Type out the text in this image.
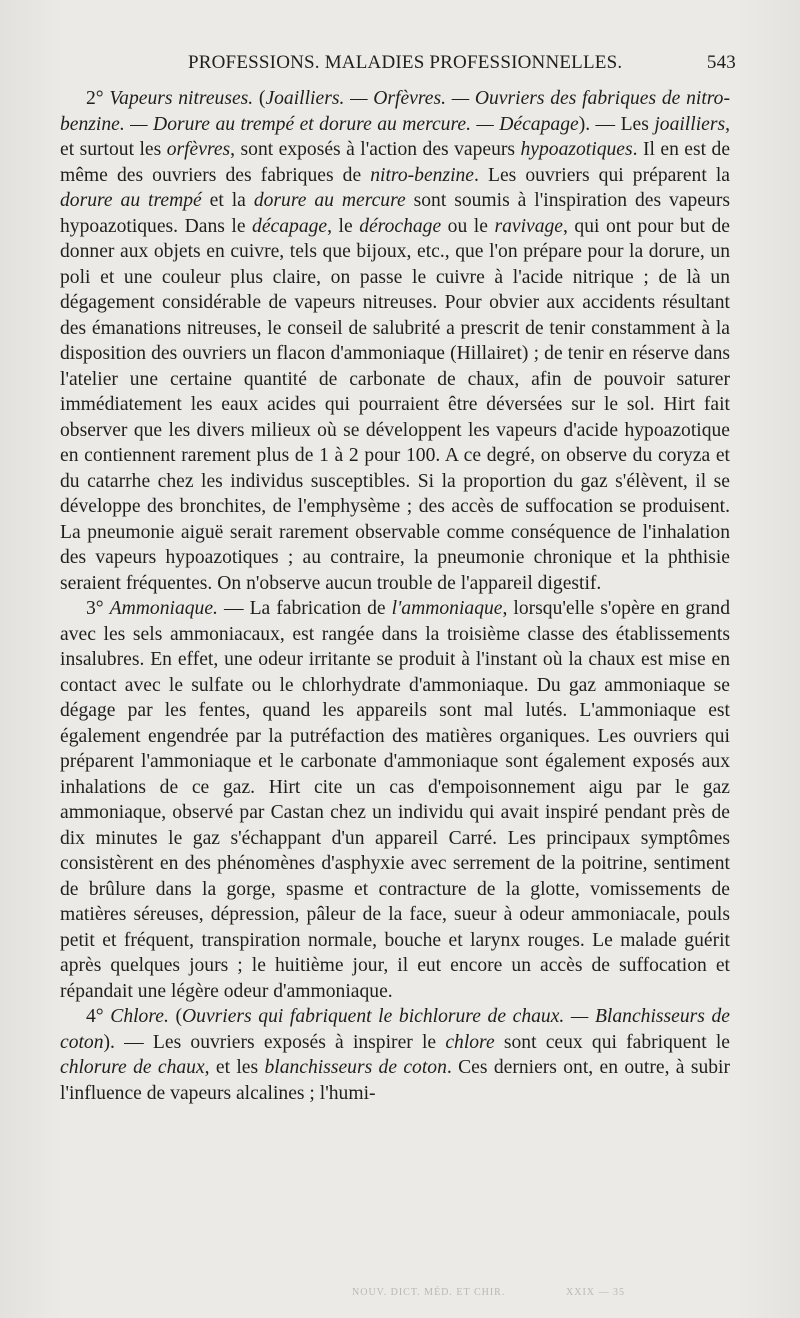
PROFESSIONS. MALADIES PROFESSIONNELLES.	543

2° Vapeurs nitreuses. (Joailliers. — Orfèvres. — Ouvriers des fabriques de nitro-benzine. — Dorure au trempé et dorure au mercure. — Décapage). — Les joailliers, et surtout les orfèvres, sont exposés à l'action des vapeurs hypoazotiques. Il en est de même des ouvriers des fabriques de nitro-benzine. Les ouvriers qui préparent la dorure au trempé et la dorure au mercure sont soumis à l'inspiration des vapeurs hypoazotiques. Dans le décapage, le dérochage ou le ravivage, qui ont pour but de donner aux objets en cuivre, tels que bijoux, etc., que l'on prépare pour la dorure, un poli et une couleur plus claire, on passe le cuivre à l'acide nitrique ; de là un dégagement considérable de vapeurs nitreuses. Pour obvier aux accidents résultant des émanations nitreuses, le conseil de salubrité a prescrit de tenir constamment à la disposition des ouvriers un flacon d'ammoniaque (Hillairet) ; de tenir en réserve dans l'atelier une certaine quantité de carbonate de chaux, afin de pouvoir saturer immédiatement les eaux acides qui pourraient être déversées sur le sol. Hirt fait observer que les divers milieux où se développent les vapeurs d'acide hypoazotique en contiennent rarement plus de 1 à 2 pour 100. A ce degré, on observe du coryza et du catarrhe chez les individus susceptibles. Si la proportion du gaz s'élèvent, il se développe des bronchites, de l'emphysème ; des accès de suffocation se produisent. La pneumonie aiguë serait rarement observable comme conséquence de l'inhalation des vapeurs hypoazotiques ; au contraire, la pneumonie chronique et la phthisie seraient fréquentes. On n'observe aucun trouble de l'appareil digestif.

3° Ammoniaque. — La fabrication de l'ammoniaque, lorsqu'elle s'opère en grand avec les sels ammoniacaux, est rangée dans la troisième classe des établissements insalubres. En effet, une odeur irritante se produit à l'instant où la chaux est mise en contact avec le sulfate ou le chlorhydrate d'ammoniaque. Du gaz ammoniaque se dégage par les fentes, quand les appareils sont mal lutés. L'ammoniaque est également engendrée par la putréfaction des matières organiques. Les ouvriers qui préparent l'ammoniaque et le carbonate d'ammoniaque sont également exposés aux inhalations de ce gaz. Hirt cite un cas d'empoisonnement aigu par le gaz ammoniaque, observé par Castan chez un individu qui avait inspiré pendant près de dix minutes le gaz s'échappant d'un appareil Carré. Les principaux symptômes consistèrent en des phénomènes d'asphyxie avec serrement de la poitrine, sentiment de brûlure dans la gorge, spasme et contracture de la glotte, vomissements de matières séreuses, dépression, pâleur de la face, sueur à odeur ammoniacale, pouls petit et fréquent, transpiration normale, bouche et larynx rouges. Le malade guérit après quelques jours ; le huitième jour, il eut encore un accès de suffocation et répandait une légère odeur d'ammoniaque.

4° Chlore. (Ouvriers qui fabriquent le bichlorure de chaux. — Blanchisseurs de coton). — Les ouvriers exposés à inspirer le chlore sont ceux qui fabriquent le chlorure de chaux, et les blanchisseurs de coton. Ces derniers ont, en outre, à subir l'influence de vapeurs alcalines ; l'humi-

NOUV. DICT. MÉD. ET CHIR.	XXIX — 35
